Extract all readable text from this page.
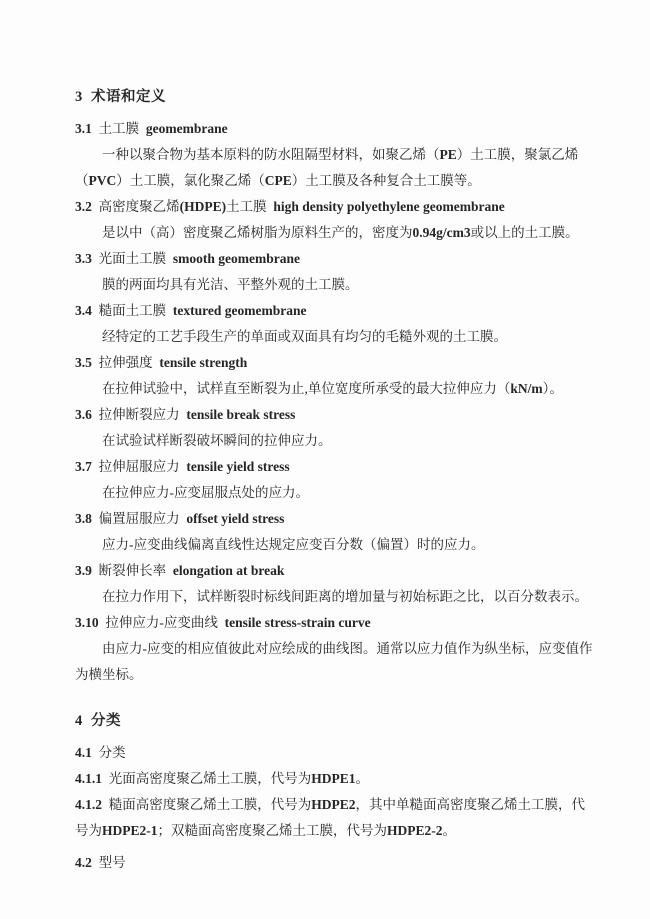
3  术语和定义
3.1  土工膜  geomembrane
一种以聚合物为基本原料的防水阻隔型材料，如聚乙烯（PE）土工膜，聚氯乙烯（PVC）土工膜，氯化聚乙烯（CPE）土工膜及各种复合土工膜等。
3.2  高密度聚乙烯(HDPE)土工膜  high density polyethylene geomembrane
是以中（高）密度聚乙烯树脂为原料生产的，密度为0.94g/cm3或以上的土工膜。
3.3  光面土工膜  smooth geomembrane
膜的两面均具有光洁、平整外观的土工膜。
3.4  糙面土工膜  textured geomembrane
经特定的工艺手段生产的单面或双面具有均匀的毛糙外观的土工膜。
3.5  拉伸强度  tensile strength
在拉伸试验中，试样直至断裂为止,单位宽度所承受的最大拉伸应力（kN/m）。
3.6  拉伸断裂应力  tensile break stress
在试验试样断裂破坏瞬间的拉伸应力。
3.7  拉伸屈服应力  tensile yield stress
在拉伸应力-应变屈服点处的应力。
3.8  偏置屈服应力  offset yield stress
应力-应变曲线偏离直线性达规定应变百分数（偏置）时的应力。
3.9  断裂伸长率  elongation at break
在拉力作用下，试样断裂时标线间距离的增加量与初始标距之比，以百分数表示。
3.10  拉伸应力-应变曲线  tensile stress-strain curve
由应力-应变的相应值彼此对应绘成的曲线图。通常以应力值作为纵坐标，应变值作为横坐标。
4  分类
4.1  分类
4.1.1  光面高密度聚乙烯土工膜，代号为HDPE1。
4.1.2  糙面高密度聚乙烯土工膜，代号为HDPE2，其中单糙面高密度聚乙烯土工膜，代号为HDPE2-1；双糙面高密度聚乙烯土工膜，代号为HDPE2-2。
4.2  型号
